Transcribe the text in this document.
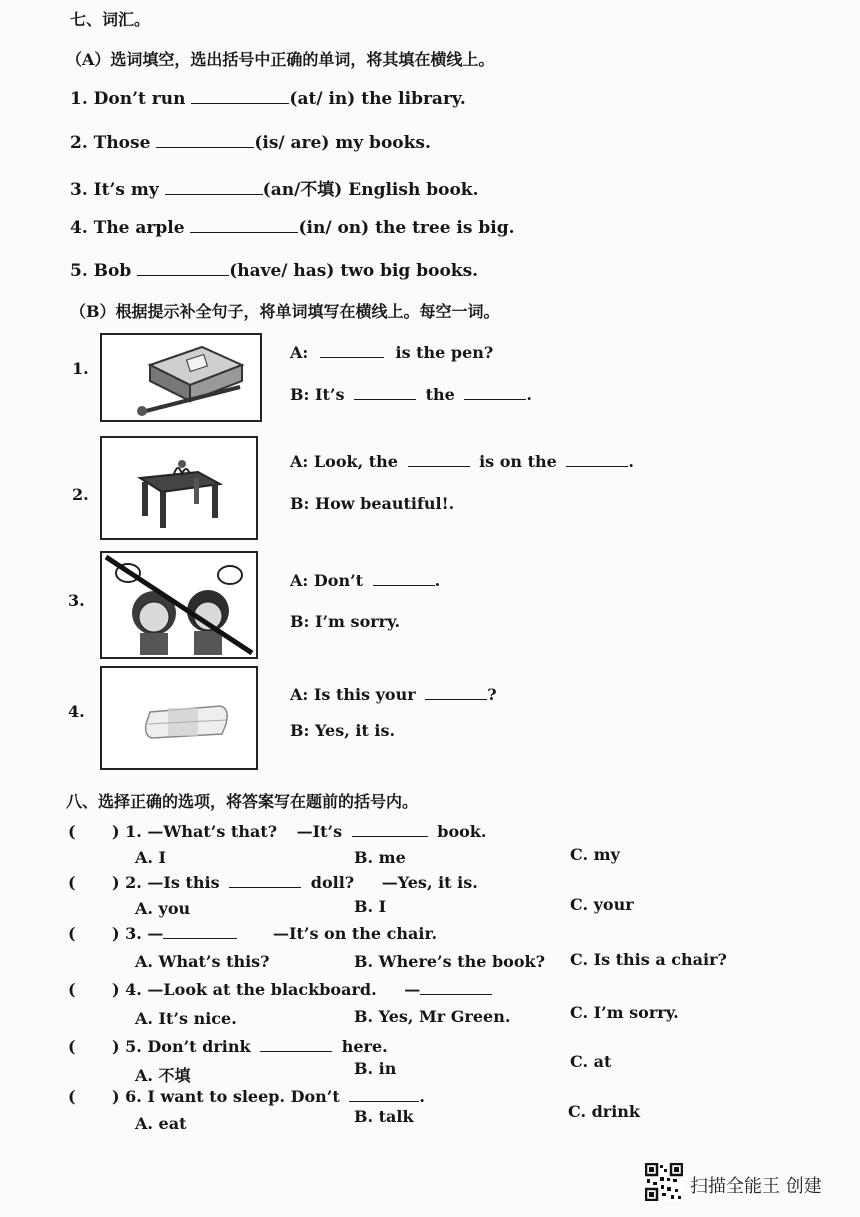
七、词汇。
（A）选词填空，选出括号中正确的单词，将其填在横线上。
1. Don’t run	(at/ in) the library.
2. Those	(is/ are) my books.
3. It’s my	(an/不填) English book.
4. The arple	(in/ on) the tree is big.
5. Bob	(have/ has) two big books.
（B）根据提示补全句子，将单词填写在横线上。每空一词。
1.
A:	is the pen?
B: It’s	the	.
2.
A: Look, the	is on the	.
B: How beautiful!.
3.
A: Don’t	.
B: I’m sorry.
4.
A: Is this your	?
B: Yes, it is.
八、选择正确的选项，将答案写在题前的括号内。
( ) 1. —What’s that? —It’s	book.
A. I	B. me	C. my
( ) 2. —Is this	doll? —Yes, it is.
A. you	B. I	C. your
( ) 3. —	—It’s on the chair.
A. What’s this?	B. Where’s the book? C. Is this a chair?
( ) 4. —Look at the blackboard. —
A. It’s nice.	B. Yes, Mr Green.	C. I’m sorry.
( ) 5. Don’t drink	here.
A. 不填	B. in	C. at
( ) 6. I want to sleep. Don’t	.
A. eat	B. talk	C. drink
扫描全能王 创建
